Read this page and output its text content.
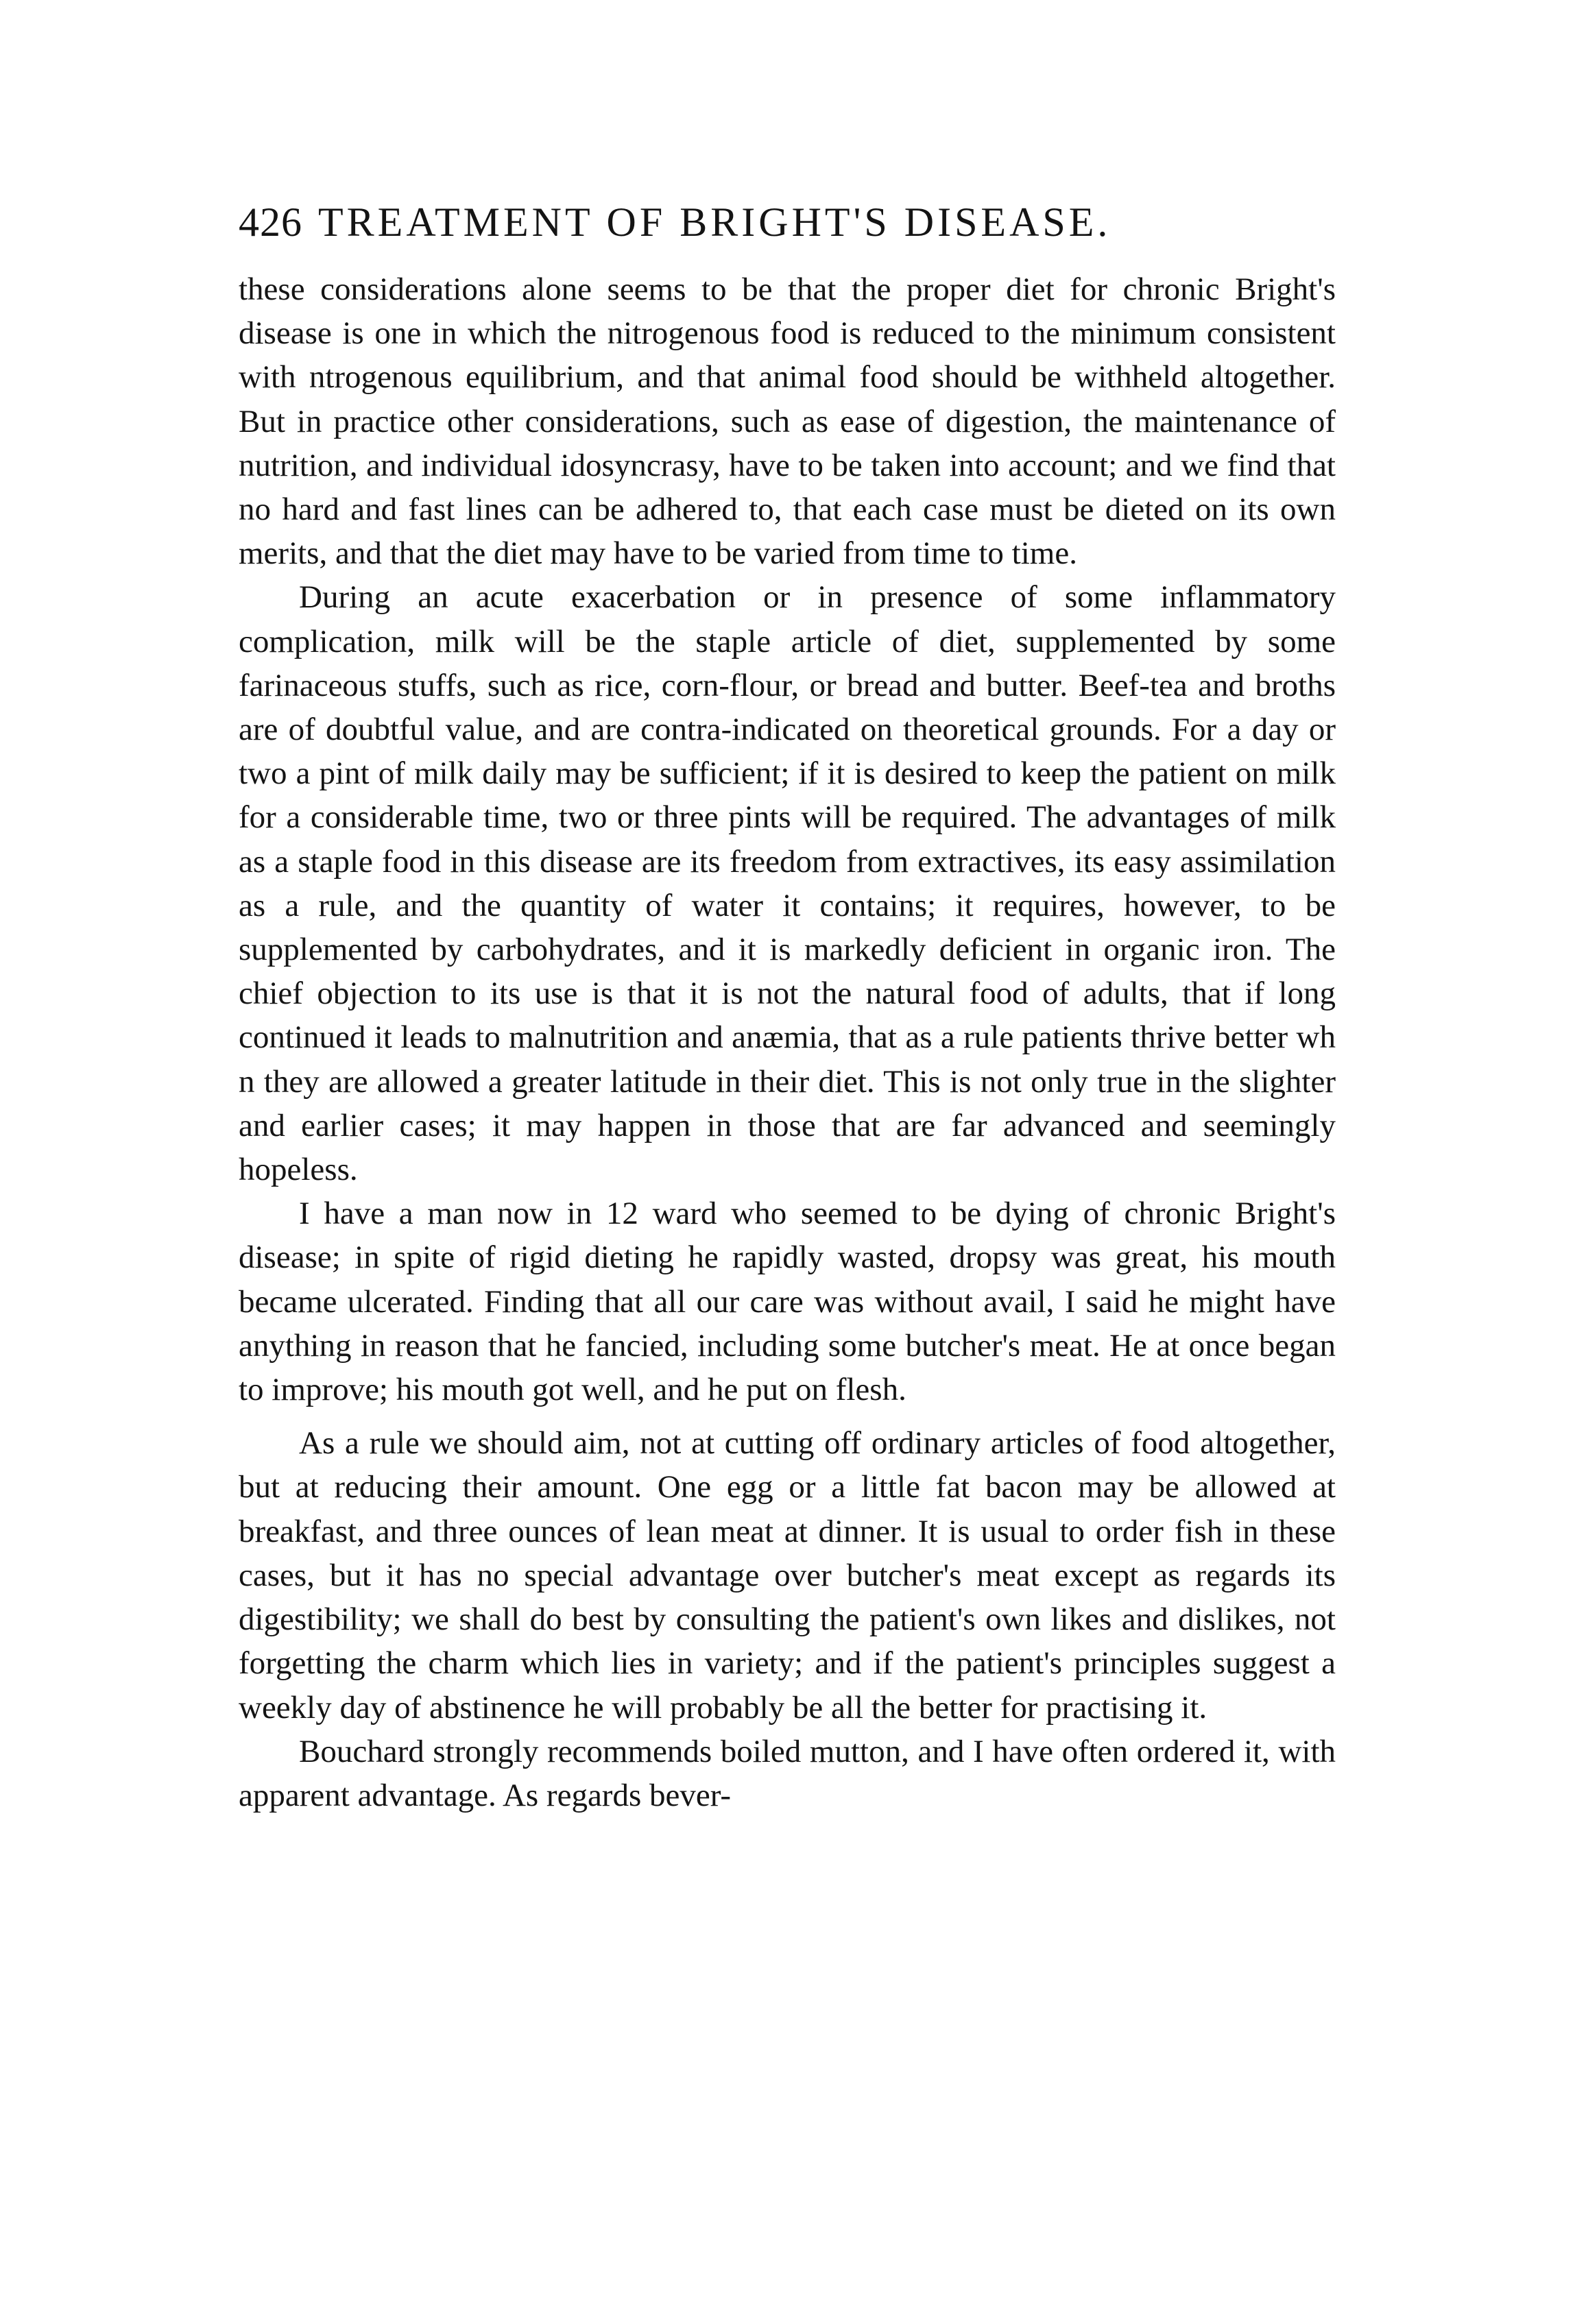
426 TREATMENT OF BRIGHT'S DISEASE.

these considerations alone seems to be that the proper diet for chronic Bright's disease is one in which the nitrogenous food is reduced to the minimum consistent with ntrogenous equilibrium, and that animal food should be withheld altogether. But in practice other considerations, such as ease of digestion, the maintenance of nutrition, and individual idosyncrasy, have to be taken into account; and we find that no hard and fast lines can be adhered to, that each case must be dieted on its own merits, and that the diet may have to be varied from time to time.

During an acute exacerbation or in presence of some inflammatory complication, milk will be the staple article of diet, supplemented by some farinaceous stuffs, such as rice, corn-flour, or bread and butter. Beef-tea and broths are of doubtful value, and are contra-indicated on theoretical grounds. For a day or two a pint of milk daily may be sufficient; if it is desired to keep the patient on milk for a considerable time, two or three pints will be required. The advantages of milk as a staple food in this disease are its freedom from extractives, its easy assimilation as a rule, and the quantity of water it contains; it requires, however, to be supplemented by carbohydrates, and it is markedly deficient in organic iron. The chief objection to its use is that it is not the natural food of adults, that if long continued it leads to malnutrition and anæmia, that as a rule patients thrive better wh n they are allowed a greater latitude in their diet. This is not only true in the slighter and earlier cases; it may happen in those that are far advanced and seemingly hopeless.

I have a man now in 12 ward who seemed to be dying of chronic Bright's disease; in spite of rigid dieting he rapidly wasted, dropsy was great, his mouth became ulcerated. Finding that all our care was without avail, I said he might have anything in reason that he fancied, including some butcher's meat. He at once began to improve; his mouth got well, and he put on flesh.

As a rule we should aim, not at cutting off ordinary articles of food altogether, but at reducing their amount. One egg or a little fat bacon may be allowed at breakfast, and three ounces of lean meat at dinner. It is usual to order fish in these cases, but it has no special advantage over butcher's meat except as regards its digestibility; we shall do best by consulting the patient's own likes and dislikes, not forgetting the charm which lies in variety; and if the patient's principles suggest a weekly day of abstinence he will probably be all the better for practising it.

Bouchard strongly recommends boiled mutton, and I have often ordered it, with apparent advantage. As regards bever-
